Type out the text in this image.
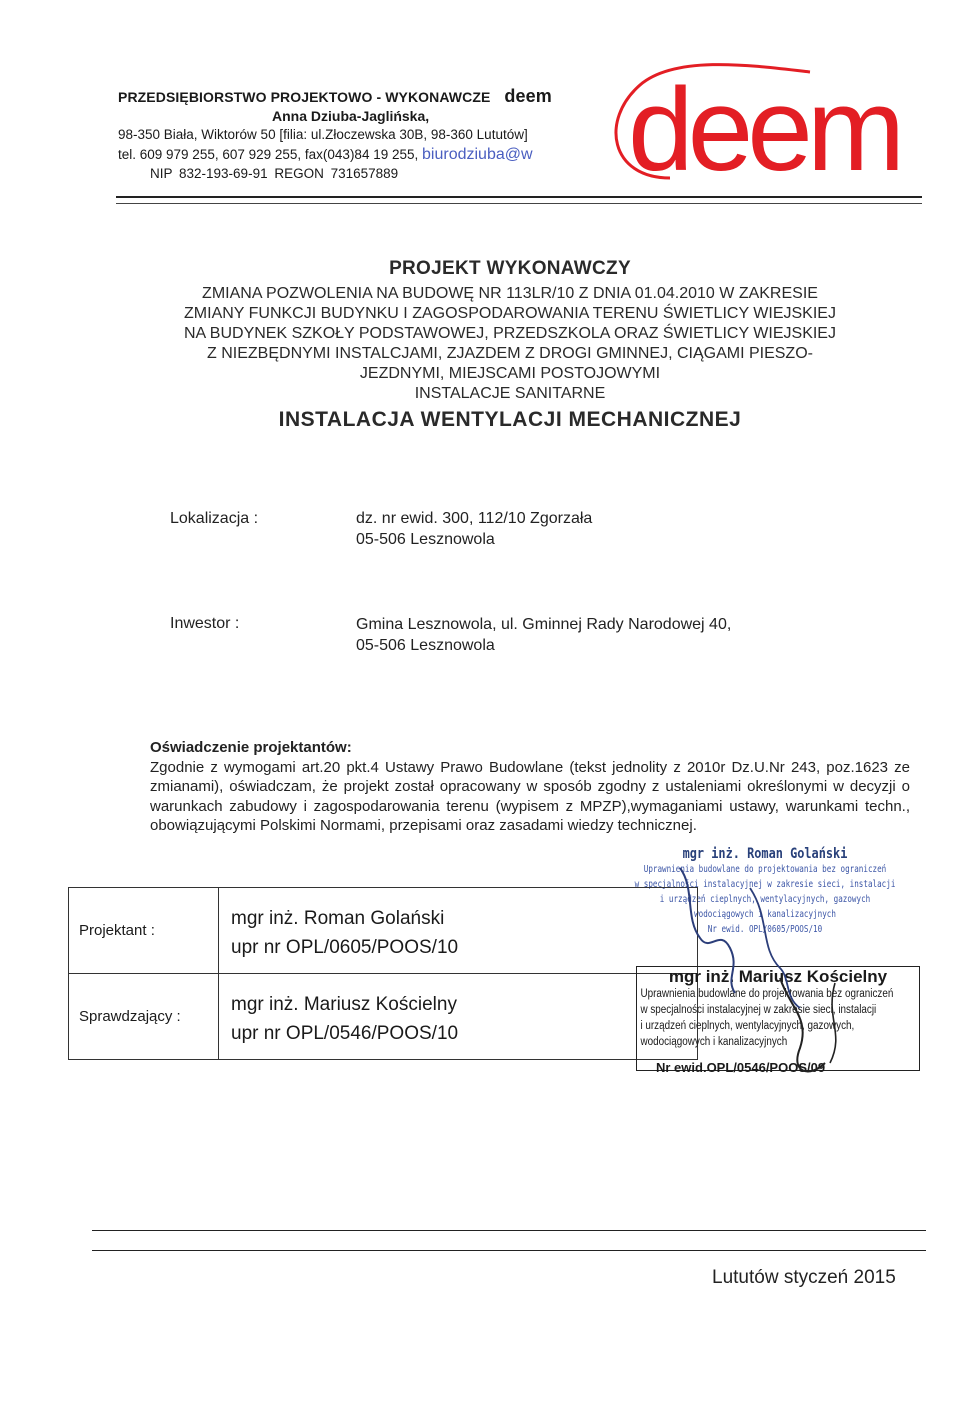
PRZEDSIĘBIORSTWO PROJEKTOWO - WYKONAWCZE deem
Anna Dziuba-Jaglińska,
98-350 Biała, Wiktorów 50 [filia: ul.Złoczewska 30B, 98-360 Lututów]
tel. 609 979 255, 607 929 255, fax(043)84 19 255, biurodziuba@w
NIP 832-193-69-91 REGON 731657889 deem
PROJEKT WYKONAWCZY
ZMIANA POZWOLENIA NA BUDOWĘ NR 113LR/10 Z DNIA 01.04.2010 W ZAKRESIE
ZMIANY FUNKCJI BUDYNKU I ZAGOSPODAROWANIA TERENU ŚWIETLICY WIEJSKIEJ
NA BUDYNEK SZKOŁY PODSTAWOWEJ, PRZEDSZKOLA ORAZ ŚWIETLICY WIEJSKIEJ
Z NIEZBĘDNYMI INSTALCJAMI, ZJAZDEM Z DROGI GMINNEJ, CIĄGAMI PIESZO-
JEZDNYMI, MIEJSCAMI POSTOJOWYMI
INSTALACJE SANITARNE
INSTALACJA WENTYLACJI MECHANICZNEJ
Lokalizacja :	dz. nr ewid. 300, 112/10 Zgorzała
05-506 Lesznowola
Inwestor :	Gmina Lesznowola, ul. Gminnej Rady Narodowej 40,
05-506 Lesznowola
Oświadczenie projektantów:
Zgodnie z wymogami art.20 pkt.4 Ustawy Prawo Budowlane (tekst jednolity z 2010r Dz.U.Nr 243, poz.1623 ze zmianami), oświadczam, że projekt został opracowany w sposób zgodny z ustaleniami określonymi w decyzji o warunkach zabudowy i zagospodarowania terenu (wypisem z MPZP),wymaganiami ustawy, warunkami techn., obowiązującymi Polskimi Normami, przepisami oraz zasadami wiedzy technicznej.
mgr inż. Roman Golański
Uprawnienia budowlane do projektowania bez ograniczeń
w specjalności instalacyjnej w zakresie sieci, instalacji
i urządzeń cieplnych, wentylacyjnych, gazowych
wodociągowych i kanalizacyjnych
Nr ewid. OPL/0605/POOS/10
Projektant :	mgr inż. Roman Golański
upr nr OPL/0605/POOS/10

Sprawdzający :	mgr inż. Mariusz Kościelny
upr nr OPL/0546/POOS/10
mgr inż. Mariusz Kościelny
Uprawnienia budowlane do projektowania bez ograniczeń
w specjalności instalacyjnej w zakresie sieci, instalacji
i urządzeń cieplnych, wentylacyjnych, gazowych,
wodociągowych i kanalizacyjnych
Nr ewid.OPL/0546/POOS/09
Lututów styczeń 2015
